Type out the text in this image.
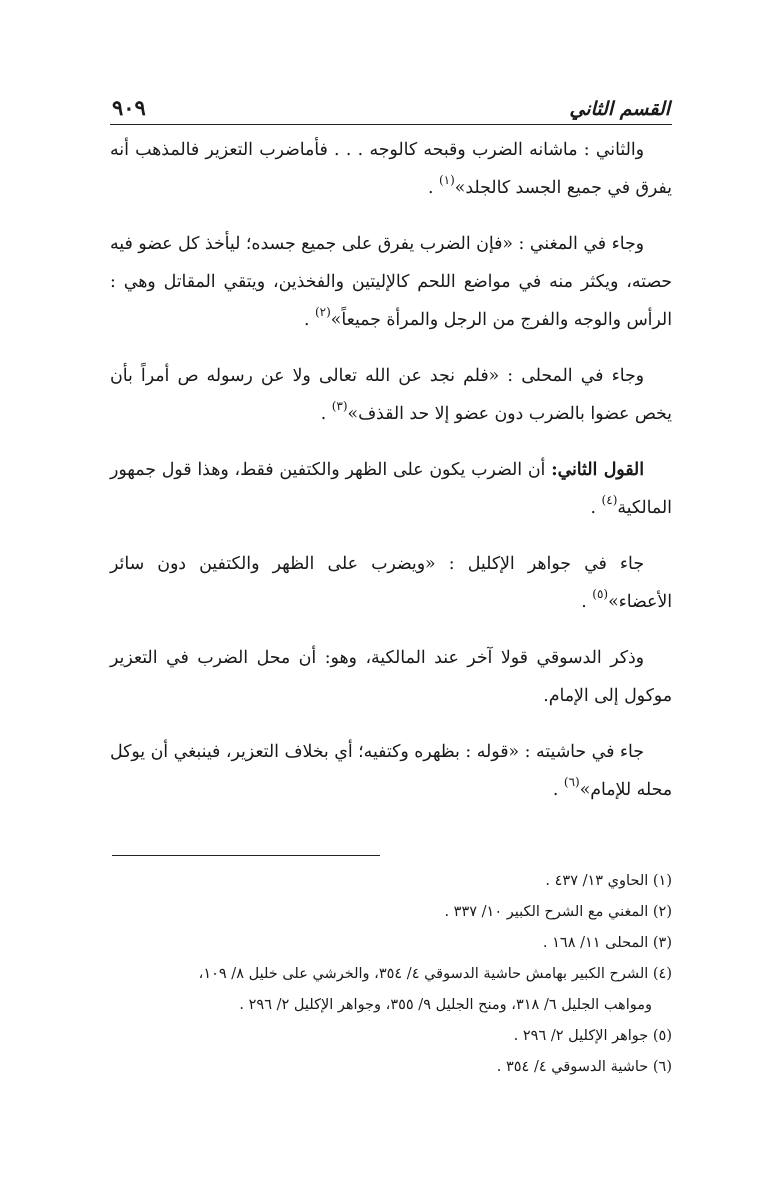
القسم الثاني
٩٠٩

والثاني : ماشانه الضرب وقبحه كالوجه . . . فأماضرب التعزير فالمذهب أنه يفرق في جميع الجسد كالجلد»$^{(١)}$ .

وجاء في المغني : «فإن الضرب يفرق على جميع جسده؛ ليأخذ كل عضو فيه حصته، ويكثر منه في مواضع اللحم كالإليتين والفخذين، ويتقي المقاتل وهي : الرأس والوجه والفرج من الرجل والمرأة جميعاً»$^{(٢)}$ .

وجاء في المحلى : «فلم نجد عن الله تعالى ولا عن رسوله ص أمراً بأن يخص عضوا بالضرب دون عضو إلا حد القذف»$^{(٣)}$ .

القول الثاني: أن الضرب يكون على الظهر والكتفين فقط، وهذا قول جمهور المالكية$^{(٤)}$ .

جاء في جواهر الإكليل : «ويضرب على الظهر والكتفين دون سائر الأعضاء»$^{(٥)}$ .

وذكر الدسوقي قولا آخر عند المالكية، وهو: أن محل الضرب في التعزير موكول إلى الإمام.

جاء في حاشيته : «قوله : بظهره وكتفيه؛ أي بخلاف التعزير، فينبغي أن يوكل محله للإمام»$^{(٦)}$ .

(١) الحاوي ١٣/ ٤٣٧ .

(٢) المغني مع الشرح الكبير ١٠/ ٣٣٧ .

(٣) المحلى ١١/ ١٦٨ .

(٤) الشرح الكبير بهامش حاشية الدسوقي ٤/ ٣٥٤، والخرشي على خليل ٨/ ١٠٩،

ومواهب الجليل ٦/ ٣١٨، ومنح الجليل ٩/ ٣٥٥، وجواهر الإكليل ٢/ ٢٩٦ .

(٥) جواهر الإكليل ٢/ ٢٩٦ .

(٦) حاشية الدسوقي ٤/ ٣٥٤ .
